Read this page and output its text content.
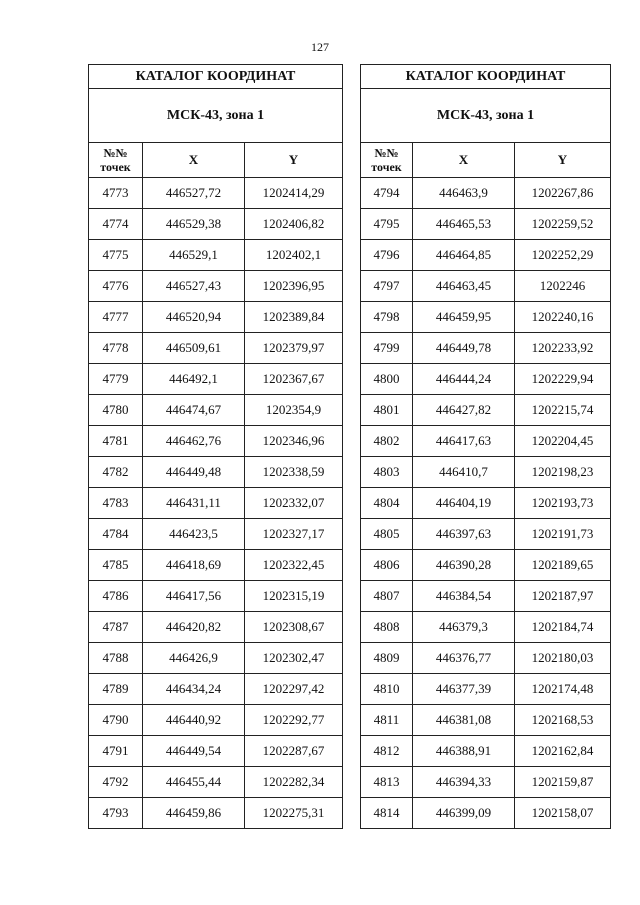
127
КАТАЛОГ КООРДИНАТ		
МСК-43, зона 1		
№№
точек	X	Y
4773	446527,72	1202414,29
4774	446529,38	1202406,82
4775	446529,1	1202402,1
4776	446527,43	1202396,95
4777	446520,94	1202389,84
4778	446509,61	1202379,97
4779	446492,1	1202367,67
4780	446474,67	1202354,9
4781	446462,76	1202346,96
4782	446449,48	1202338,59
4783	446431,11	1202332,07
4784	446423,5	1202327,17
4785	446418,69	1202322,45
4786	446417,56	1202315,19
4787	446420,82	1202308,67
4788	446426,9	1202302,47
4789	446434,24	1202297,42
4790	446440,92	1202292,77
4791	446449,54	1202287,67
4792	446455,44	1202282,34
4793	446459,86	1202275,31
КАТАЛОГ КООРДИНАТ		
МСК-43, зона 1		
№№
точек	X	Y
4794	446463,9	1202267,86
4795	446465,53	1202259,52
4796	446464,85	1202252,29
4797	446463,45	1202246
4798	446459,95	1202240,16
4799	446449,78	1202233,92
4800	446444,24	1202229,94
4801	446427,82	1202215,74
4802	446417,63	1202204,45
4803	446410,7	1202198,23
4804	446404,19	1202193,73
4805	446397,63	1202191,73
4806	446390,28	1202189,65
4807	446384,54	1202187,97
4808	446379,3	1202184,74
4809	446376,77	1202180,03
4810	446377,39	1202174,48
4811	446381,08	1202168,53
4812	446388,91	1202162,84
4813	446394,33	1202159,87
4814	446399,09	1202158,07
